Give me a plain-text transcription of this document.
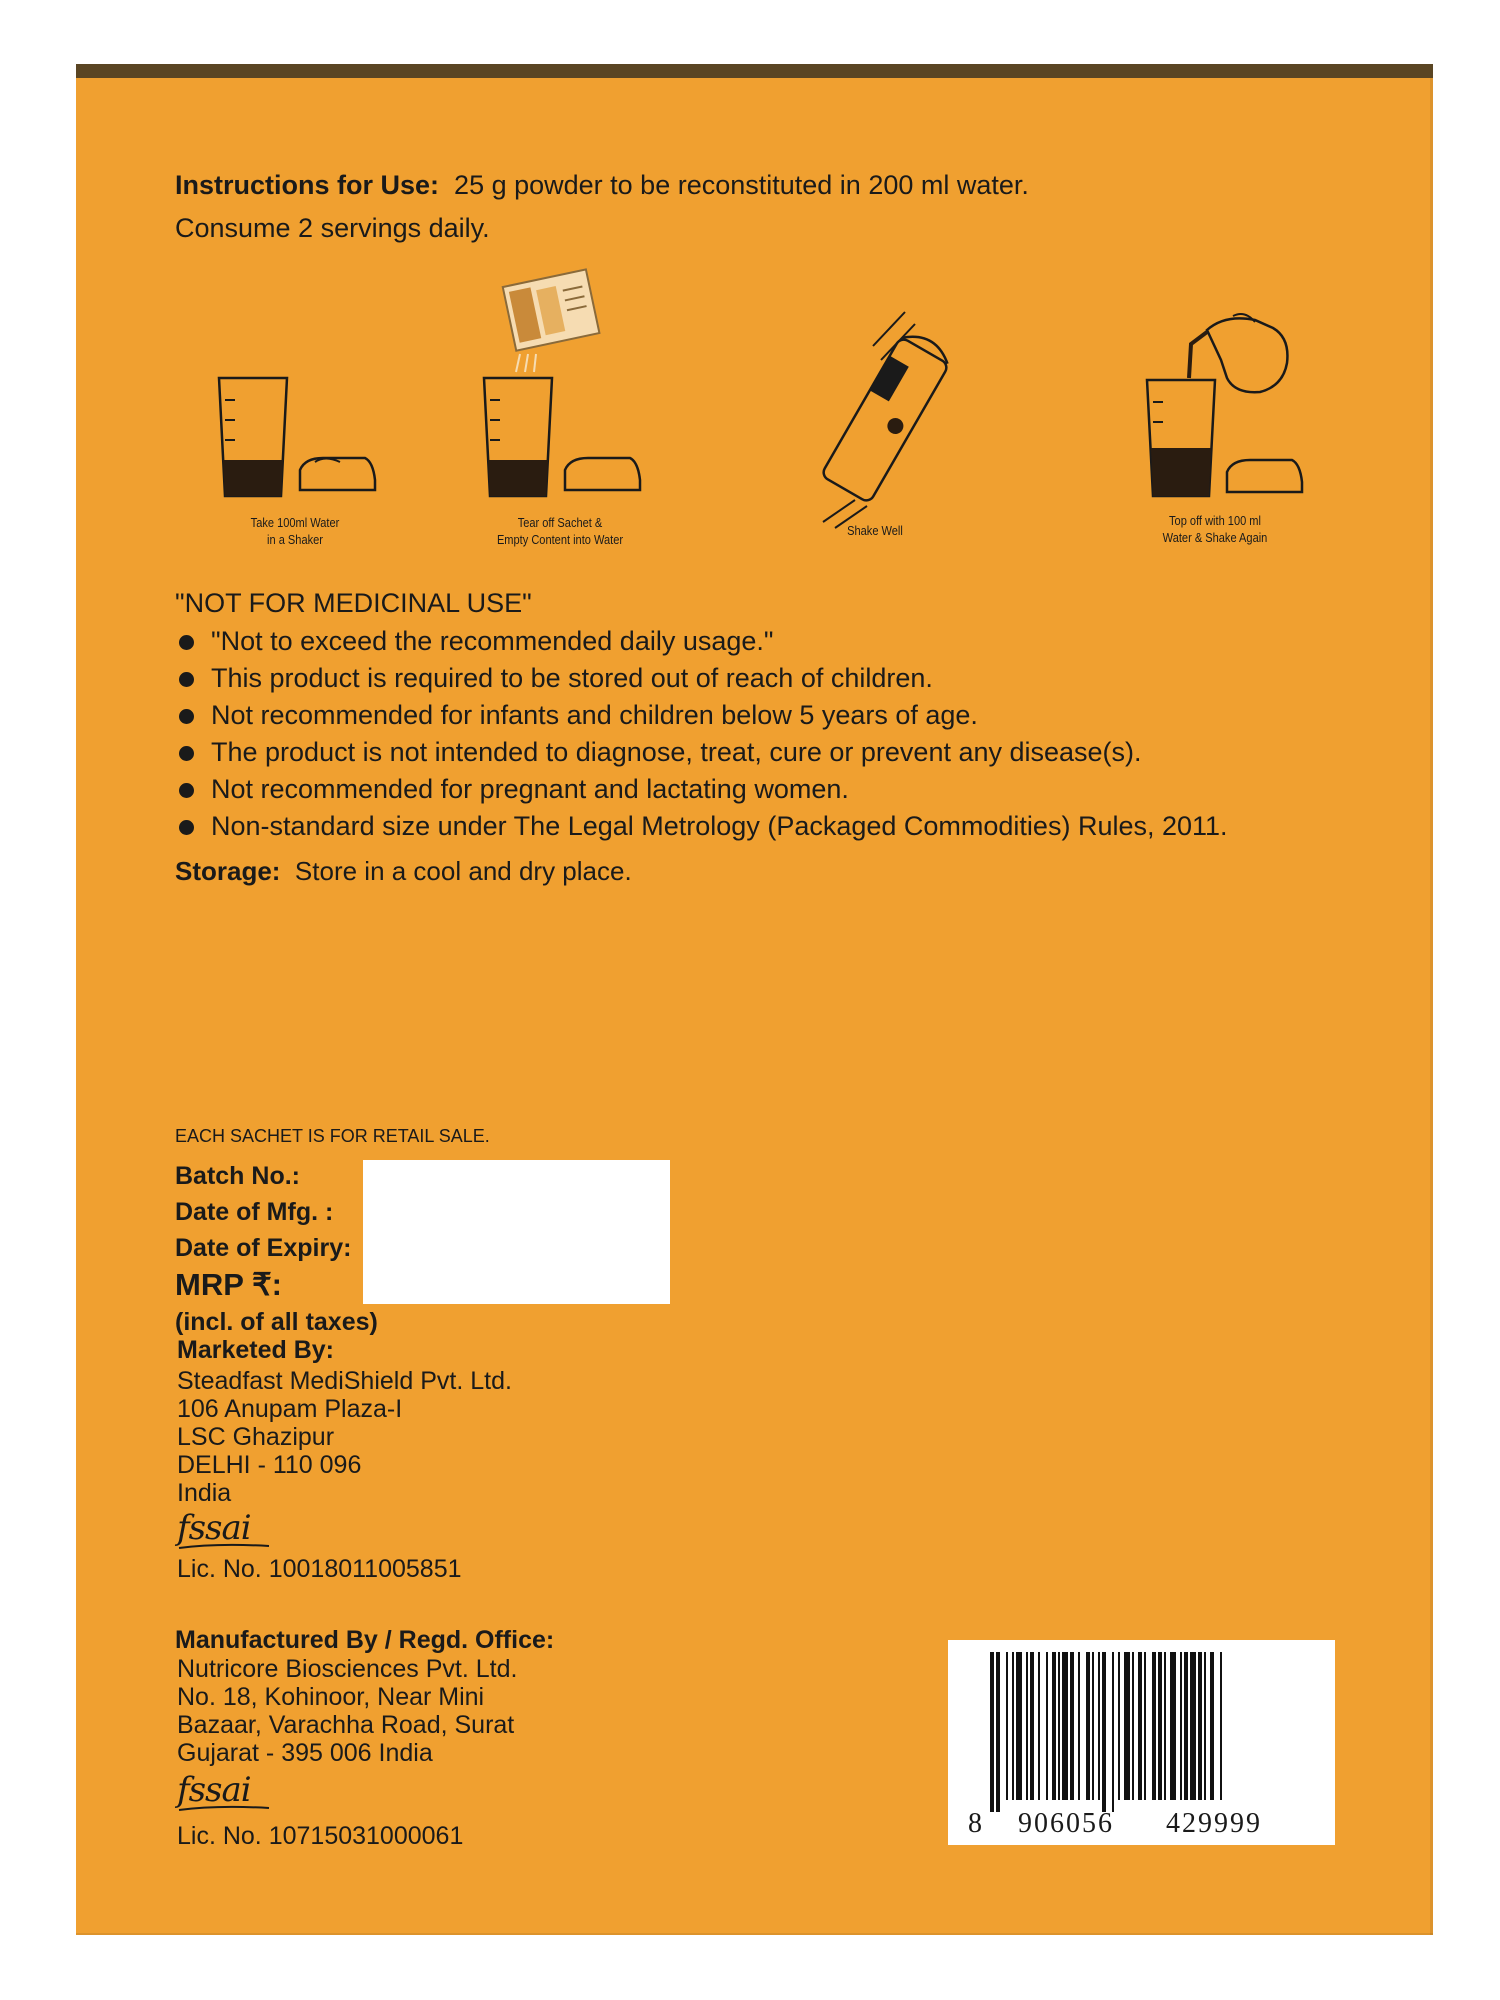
Instructions for Use: 25 g powder to be reconstituted in 200 ml water.
Consume 2 servings daily.
Take 100ml Water
in a Shaker
Tear off Sachet &
Empty Content into Water
Shake Well
Top off with 100 ml
Water & Shake Again
"NOT FOR MEDICINAL USE"
"Not to exceed the recommended daily usage."
This product is required to be stored out of reach of children.
Not recommended for infants and children below 5 years of age.
The product is not intended to diagnose, treat, cure or prevent any disease(s).
Not recommended for pregnant and lactating women.
Non-standard size under The Legal Metrology (Packaged Commodities) Rules, 2011.
Storage: Store in a cool and dry place.
EACH SACHET IS FOR RETAIL SALE.
Batch No.:
Date of Mfg. :
Date of Expiry:
MRP ₹:
(incl. of all taxes)
Marketed By:
Steadfast MediShield Pvt. Ltd.
106 Anupam Plaza-I
LSC Ghazipur
DELHI - 110 096
India
fssai
Lic. No. 10018011005851
Manufactured By / Regd. Office:
Nutricore Biosciences Pvt. Ltd.
No. 18, Kohinoor, Near Mini
Bazaar, Varachha Road, Surat
Gujarat - 395 006 India
fssai
Lic. No. 10715031000061	8 906056 429999
